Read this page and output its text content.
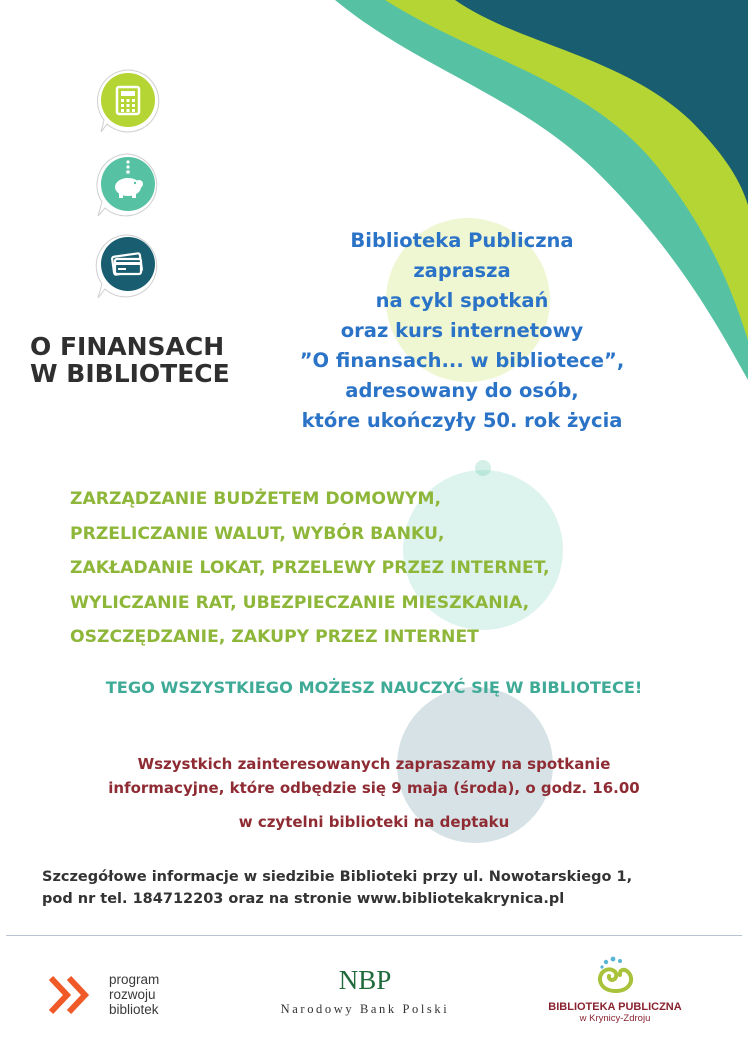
O FINANSACH
W BIBLIOTECE
Biblioteka Publiczna
zaprasza
na cykl spotkań
oraz kurs internetowy
”O finansach... w bibliotece”,
adresowany do osób,
które ukończyły 50. rok życia
ZARZĄDZANIE BUDŻETEM DOMOWYM,
PRZELICZANIE WALUT, WYBÓR BANKU,
ZAKŁADANIE LOKAT, PRZELEWY PRZEZ INTERNET,
WYLICZANIE RAT, UBEZPIECZANIE MIESZKANIA,
OSZCZĘDZANIE, ZAKUPY PRZEZ INTERNET
TEGO WSZYSTKIEGO MOŻESZ NAUCZYĆ SIĘ W BIBLIOTECE!
Wszystkich zainteresowanych zapraszamy na spotkanie
informacyjne, które odbędzie się 9 maja (środa), o godz. 16.00
w czytelni biblioteki na deptaku
Szczegółowe informacje w siedzibie Biblioteki przy ul. Nowotarskiego 1,
pod nr tel. 184712203 oraz na stronie www.bibliotekakrynica.pl
program
rozwoju
bibliotek
NBP
Narodowy Bank Polski	BIBLIOTEKA PUBLICZNA
w Krynicy-Zdroju
